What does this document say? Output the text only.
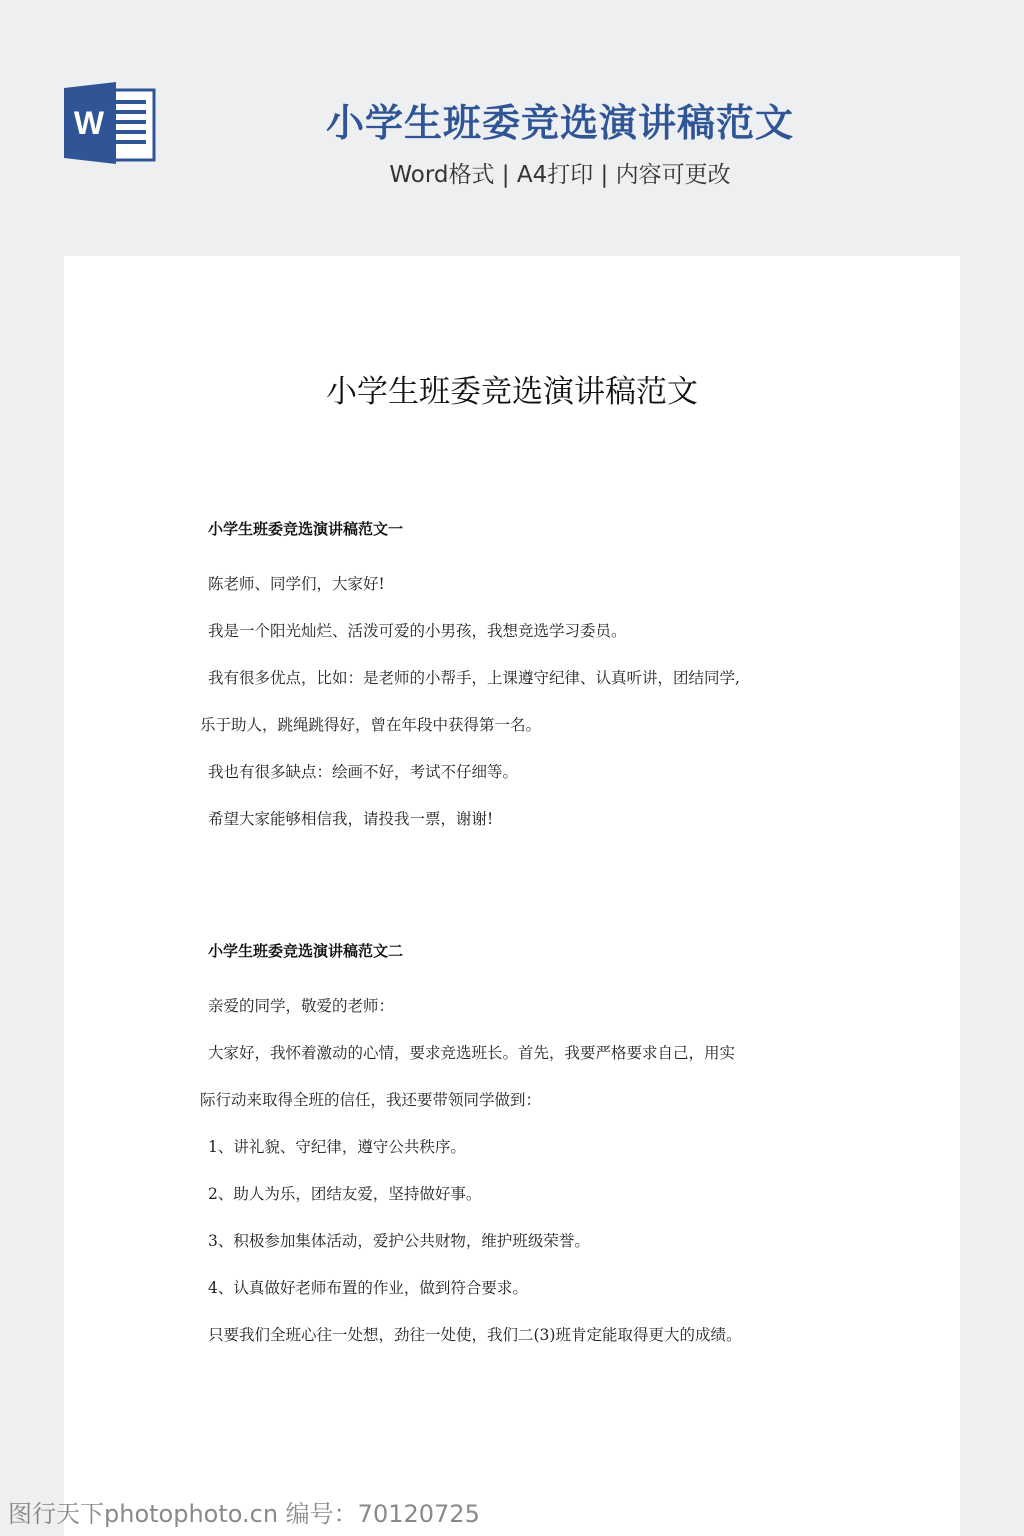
W	小学生班委竞选演讲稿范文
Word格式 | A4打印 | 内容可更改
小学生班委竞选演讲稿范文
小学生班委竞选演讲稿范文一
陈老师、同学们，大家好!
我是一个阳光灿烂、活泼可爱的小男孩，我想竞选学习委员。
我有很多优点，比如：是老师的小帮手，上课遵守纪律、认真听讲，团结同学,
乐于助人，跳绳跳得好，曾在年段中获得第一名。
我也有很多缺点：绘画不好，考试不仔细等。
希望大家能够相信我，请投我一票，谢谢!
小学生班委竞选演讲稿范文二
亲爱的同学，敬爱的老师：
大家好，我怀着激动的心情，要求竞选班长。首先，我要严格要求自己，用实
际行动来取得全班的信任，我还要带领同学做到：
1、讲礼貌、守纪律，遵守公共秩序。
2、助人为乐，团结友爱，坚持做好事。
3、积极参加集体活动，爱护公共财物，维护班级荣誉。
4、认真做好老师布置的作业，做到符合要求。
只要我们全班心往一处想，劲往一处使，我们二(3)班肯定能取得更大的成绩。
图行天下photophoto.cn 编号：70120725
